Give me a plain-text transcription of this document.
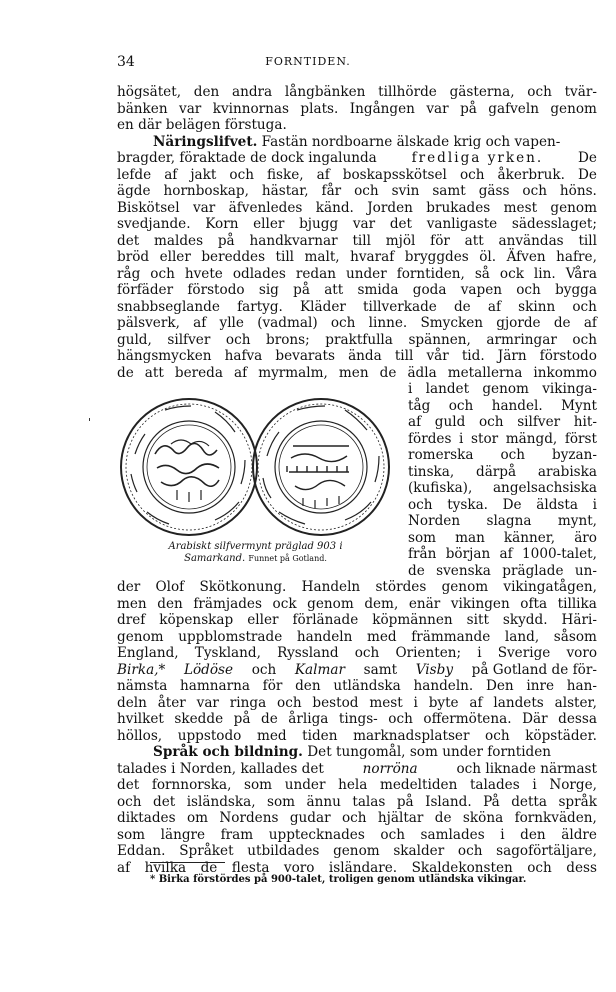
34	FORNTIDEN.
högsätet, den andra långbänken tillhörde gästerna, och tvär-
bänken var kvinnornas plats. Ingången var på gafveln genom
en där belägen förstuga.
Näringslifvet. Fastän nordboarne älskade krig och vapen-
bragder, föraktade de dock ingalunda	fredliga yrken.	De
lefde af jakt och fiske, af boskapsskötsel och åkerbruk. De
ägde hornboskap, hästar, får och svin samt gäss och höns.
Biskötsel var äfvenledes känd. Jorden brukades mest genom
svedjande. Korn eller bjugg var det vanligaste sädesslaget;
det maldes på handkvarnar till mjöl för att användas till
bröd eller bereddes till malt, hvaraf bryggdes öl. Äfven hafre,
råg och hvete odlades redan under forntiden, så ock lin. Våra
förfäder förstodo sig på att smida goda vapen och bygga
snabbseglande fartyg. Kläder tillverkade de af skinn och
pälsverk, af ylle (vadmal) och linne. Smycken gjorde de af
guld, silfver och brons; praktfulla spännen, armringar och
hängsmycken hafva bevarats ända till vår tid. Järn förstodo
de att bereda af myrmalm, men de ädla metallerna inkommo
i landet genom vikinga-
tåg och handel. Mynt
af guld och silfver hit-
fördes i stor mängd, först
romerska och byzan-
tinska, därpå arabiska
(kufiska), angelsachsiska
och tyska. De äldsta i
Norden slagna mynt,
som man känner, äro
från början af 1000-talet,
de svenska präglade un-
'
Arabiskt silfvermynt präglad 903 i
Samarkand. Funnet på Gotland.
der Olof Skötkonung. Handeln stördes genom vikingatågen,
men den främjades ock genom dem, enär vikingen ofta tillika
dref köpenskap eller förlänade köpmännen sitt skydd. Häri-
genom uppblomstrade handeln med främmande land, såsom
England, Tyskland, Ryssland och Orienten; i Sverige voro
Birka,* Lödöse och Kalmar samt Visby på Gotland de för-
nämsta hamnarna för den utländska handeln. Den inre han-
deln åter var ringa och bestod mest i byte af landets alster,
hvilket skedde på de årliga tings- och offermötena. Där dessa
höllos, uppstodo med tiden marknadsplatser och köpstäder.
Språk och bildning. Det tungomål, som under forntiden
talades i Norden, kallades det	norröna	och liknade närmast
det fornnorska, som under hela medeltiden talades i Norge,
och det isländska, som ännu talas på Island. På detta språk
diktades om Nordens gudar och hjältar de sköna fornkväden,
som längre fram upptecknades och samlades i den äldre
Eddan. Språket utbildades genom skalder och sagoförtäljare,
af hvilka de flesta voro isländare. Skaldekonsten och dess
* Birka förstördes på 900-talet, troligen genom utländska vikingar.
